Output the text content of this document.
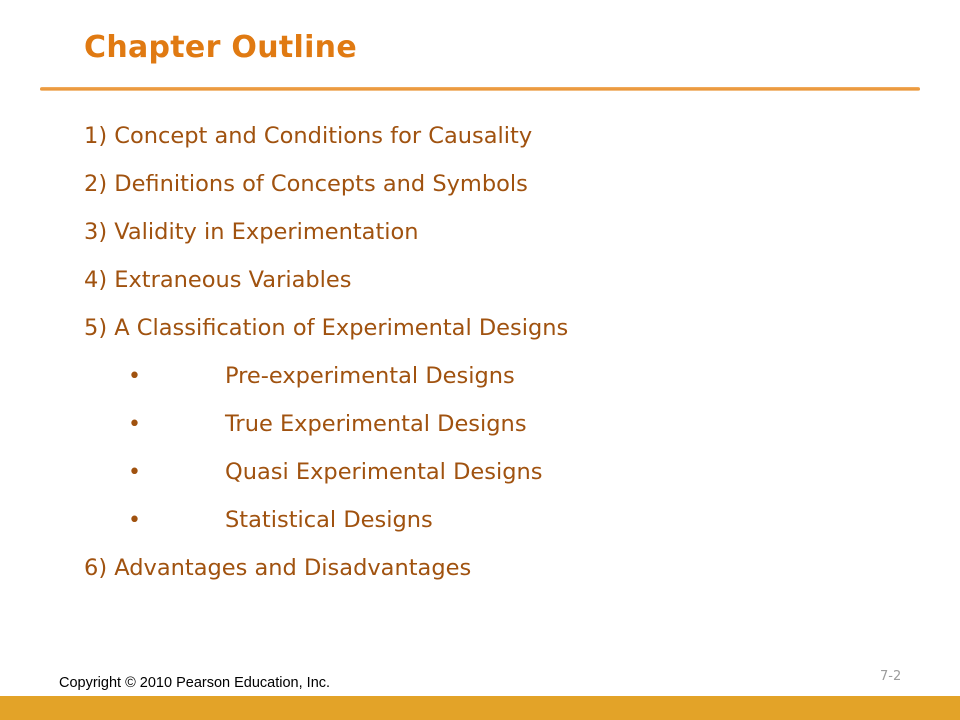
Chapter Outline
1) Concept and Conditions for Causality
2) Definitions of Concepts and Symbols
3) Validity in Experimentation
4) Extraneous Variables
5) A Classification of Experimental Designs
•	Pre-experimental Designs
•	True Experimental Designs
•	Quasi Experimental Designs
•	Statistical Designs
6) Advantages and Disadvantages
Copyright © 2010 Pearson Education, Inc.	7-2
